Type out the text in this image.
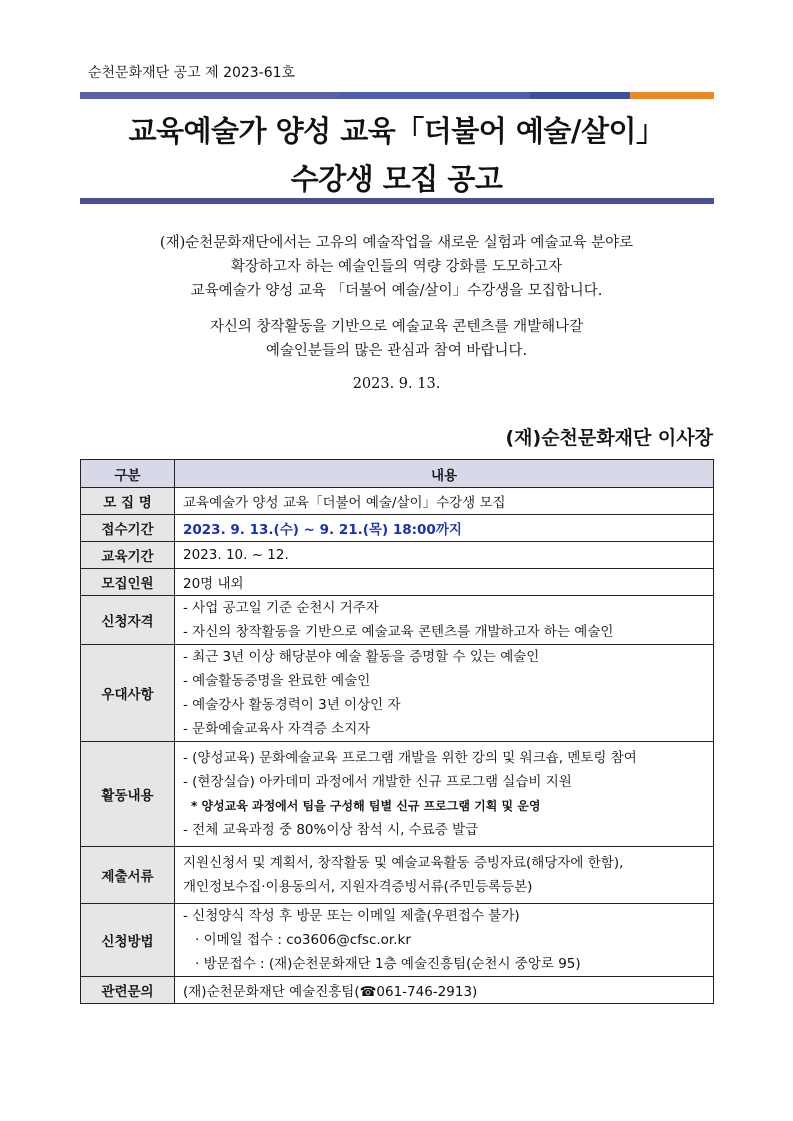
순천문화재단 공고 제 2023-61호
교육예술가 양성 교육「더불어 예술/살이」
수강생 모집 공고
(재)순천문화재단에서는 고유의 예술작업을 새로운 실험과 예술교육 분야로
확장하고자 하는 예술인들의 역량 강화를 도모하고자
교육예술가 양성 교육 「더불어 예술/살이」수강생을 모집합니다.
자신의 창작활동을 기반으로 예술교육 콘텐츠를 개발해나갈
예술인분들의 많은 관심과 참여 바랍니다.
2023. 9. 13.
(재)순천문화재단 이사장
구분	내용
모 집 명	교육예술가 양성 교육「더불어 예술/살이」수강생 모집
접수기간	2023. 9. 13.(수) ~ 9. 21.(목) 18:00까지
교육기간	2023. 10. ~ 12.
모집인원	20명 내외
신청자격	- 사업 공고일 기준 순천시 거주자
- 자신의 창작활동을 기반으로 예술교육 콘텐츠를 개발하고자 하는 예술인

우대사항	- 최근 3년 이상 해당분야 예술 활동을 증명할 수 있는 예술인
- 예술활동증명을 완료한 예술인
- 예술강사 활동경력이 3년 이상인 자
- 문화예술교육사 자격증 소지자

활동내용	- (양성교육) 문화예술교육 프로그램 개발을 위한 강의 및 워크숍, 멘토링 참여
- (현장실습) 아카데미 과정에서 개발한 신규 프로그램 실습비 지원
* 양성교육 과정에서 팀을 구성해 팀별 신규 프로그램 기획 및 운영
- 전체 교육과정 중 80%이상 참석 시, 수료증 발급

제출서류	지원신청서 및 계획서, 창작활동 및 예술교육활동 증빙자료(해당자에 한함),
개인정보수집·이용동의서, 지원자격증빙서류(주민등록등본)

신청방법	- 신청양식 작성 후 방문 또는 이메일 제출(우편접수 불가)
· 이메일 접수 : co3606@cfsc.or.kr
· 방문접수 : (재)순천문화재단 1층 예술진흥팀(순천시 중앙로 95)

관련문의	(재)순천문화재단 예술진흥팀(☎061-746-2913)
